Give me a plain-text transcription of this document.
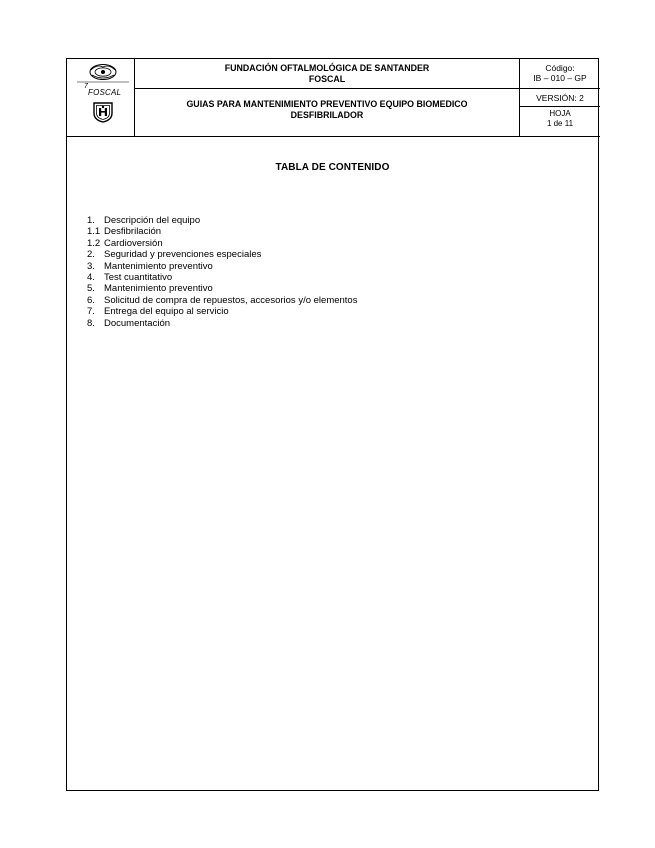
7
FOSCAL
FUNDACIÓN OFTALMOLÓGICA DE SANTANDER
FOSCAL
GUIAS PARA MANTENIMIENTO PREVENTIVO EQUIPO BIOMEDICO
DESFIBRILADOR
Código:
IB – 010 – GP
VERSIÓN: 2
HOJA
1 de 11
TABLA DE CONTENIDO
1. Descripción del equipo
1.1 Desfibrilación
1.2 Cardioversión
2. Seguridad y prevenciones especiales
3. Mantenimiento preventivo
4. Test cuantitativo
5. Mantenimiento preventivo
6. Solicitud de compra de repuestos, accesorios y/o elementos
7. Entrega del equipo al servicio
8. Documentación
